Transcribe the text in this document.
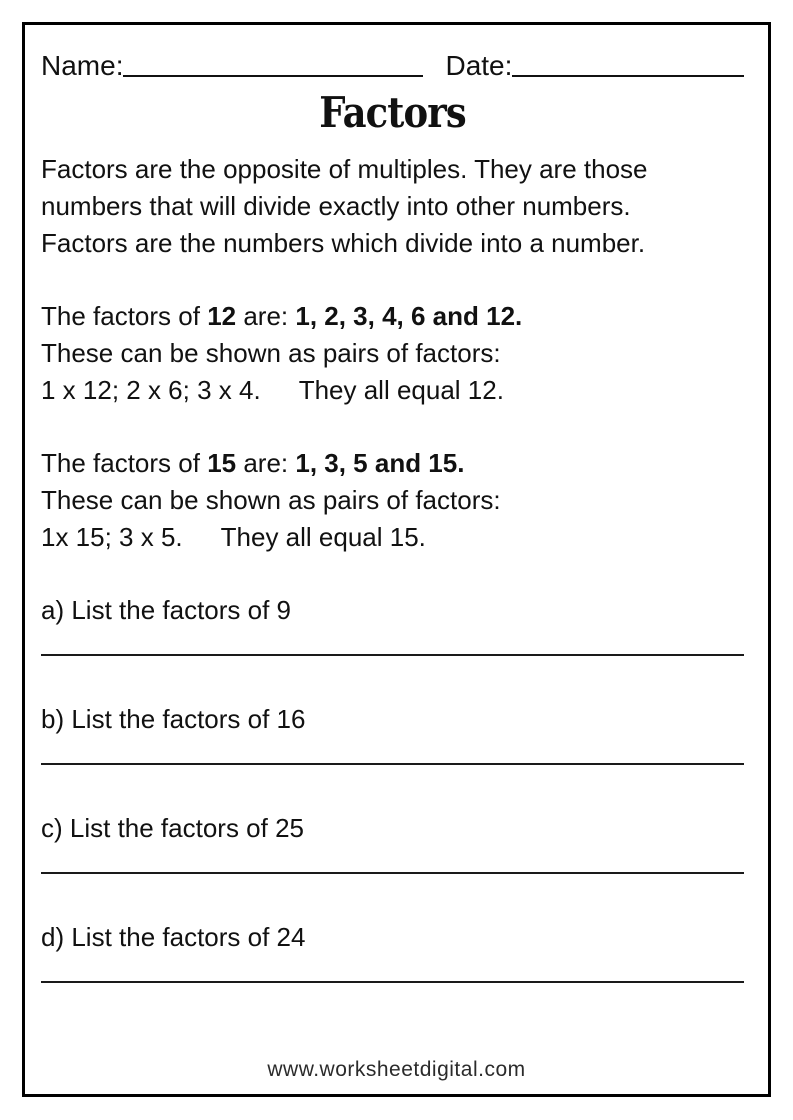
Name:	Date:
Factors
Factors are the opposite of multiples. They are those
numbers that will divide exactly into other numbers.
Factors are the numbers which divide into a number.
The factors of 12 are: 1, 2, 3, 4, 6 and 12.
These can be shown as pairs of factors:
1 x 12; 2 x 6; 3 x 4. They all equal 12.
The factors of 15 are: 1, 3, 5 and 15.
These can be shown as pairs of factors:
1x 15; 3 x 5. They all equal 15.
a) List the factors of 9
b) List the factors of 16
c) List the factors of 25
d) List the factors of 24
www.worksheetdigital.com
